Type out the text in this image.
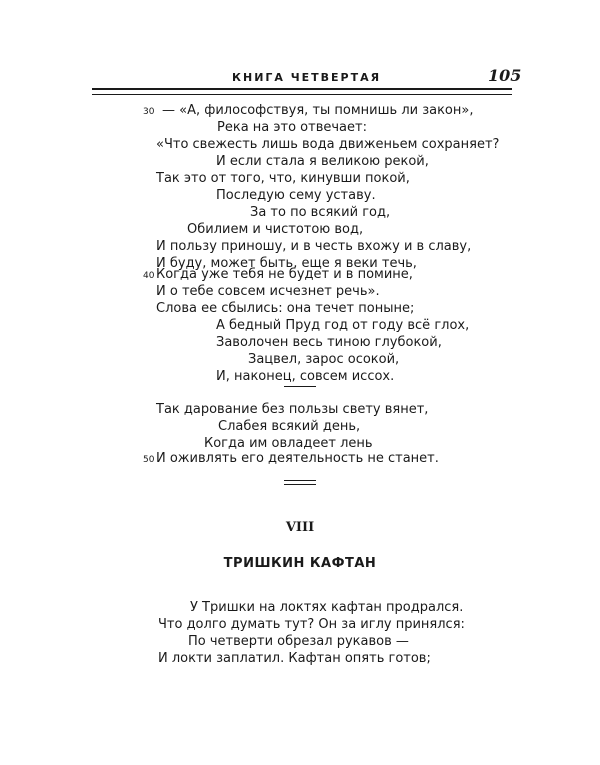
КНИГА ЧЕТВЕРТАЯ	105
30 — «А, философствуя, ты помнишь ли закон»,
Река на это отвечает:
«Что свежесть лишь вода движеньем сохраняет?
И если стала я великою рекой,
Так это от того, что, кинувши покой,
Последую сему уставу.
За то по всякий год,
Обилием и чистотою вод,
И пользу приношу, и в честь вхожу и в славу,
И буду, может быть, еще я веки течь,
40 Когда уже тебя не будет и в помине,
И о тебе совсем исчезнет речь».
Слова ее сбылись: она течет поныне;
А бедный Пруд год от году всё глох,
Заволочен весь тиною глубокой,
Зацвел, зарос осокой,
И, наконец, совсем иссох.
Так дарование без пользы свету вянет,
Слабея всякий день,
Когда им овладеет лень
50 И оживлять его деятельность не станет.
VIII
ТРИШКИН КАФТАН
У Тришки на локтях кафтан продрался.
Что долго думать тут? Он за иглу принялся:
По четверти обрезал рукавов —
И локти заплатил. Кафтан опять готов;
